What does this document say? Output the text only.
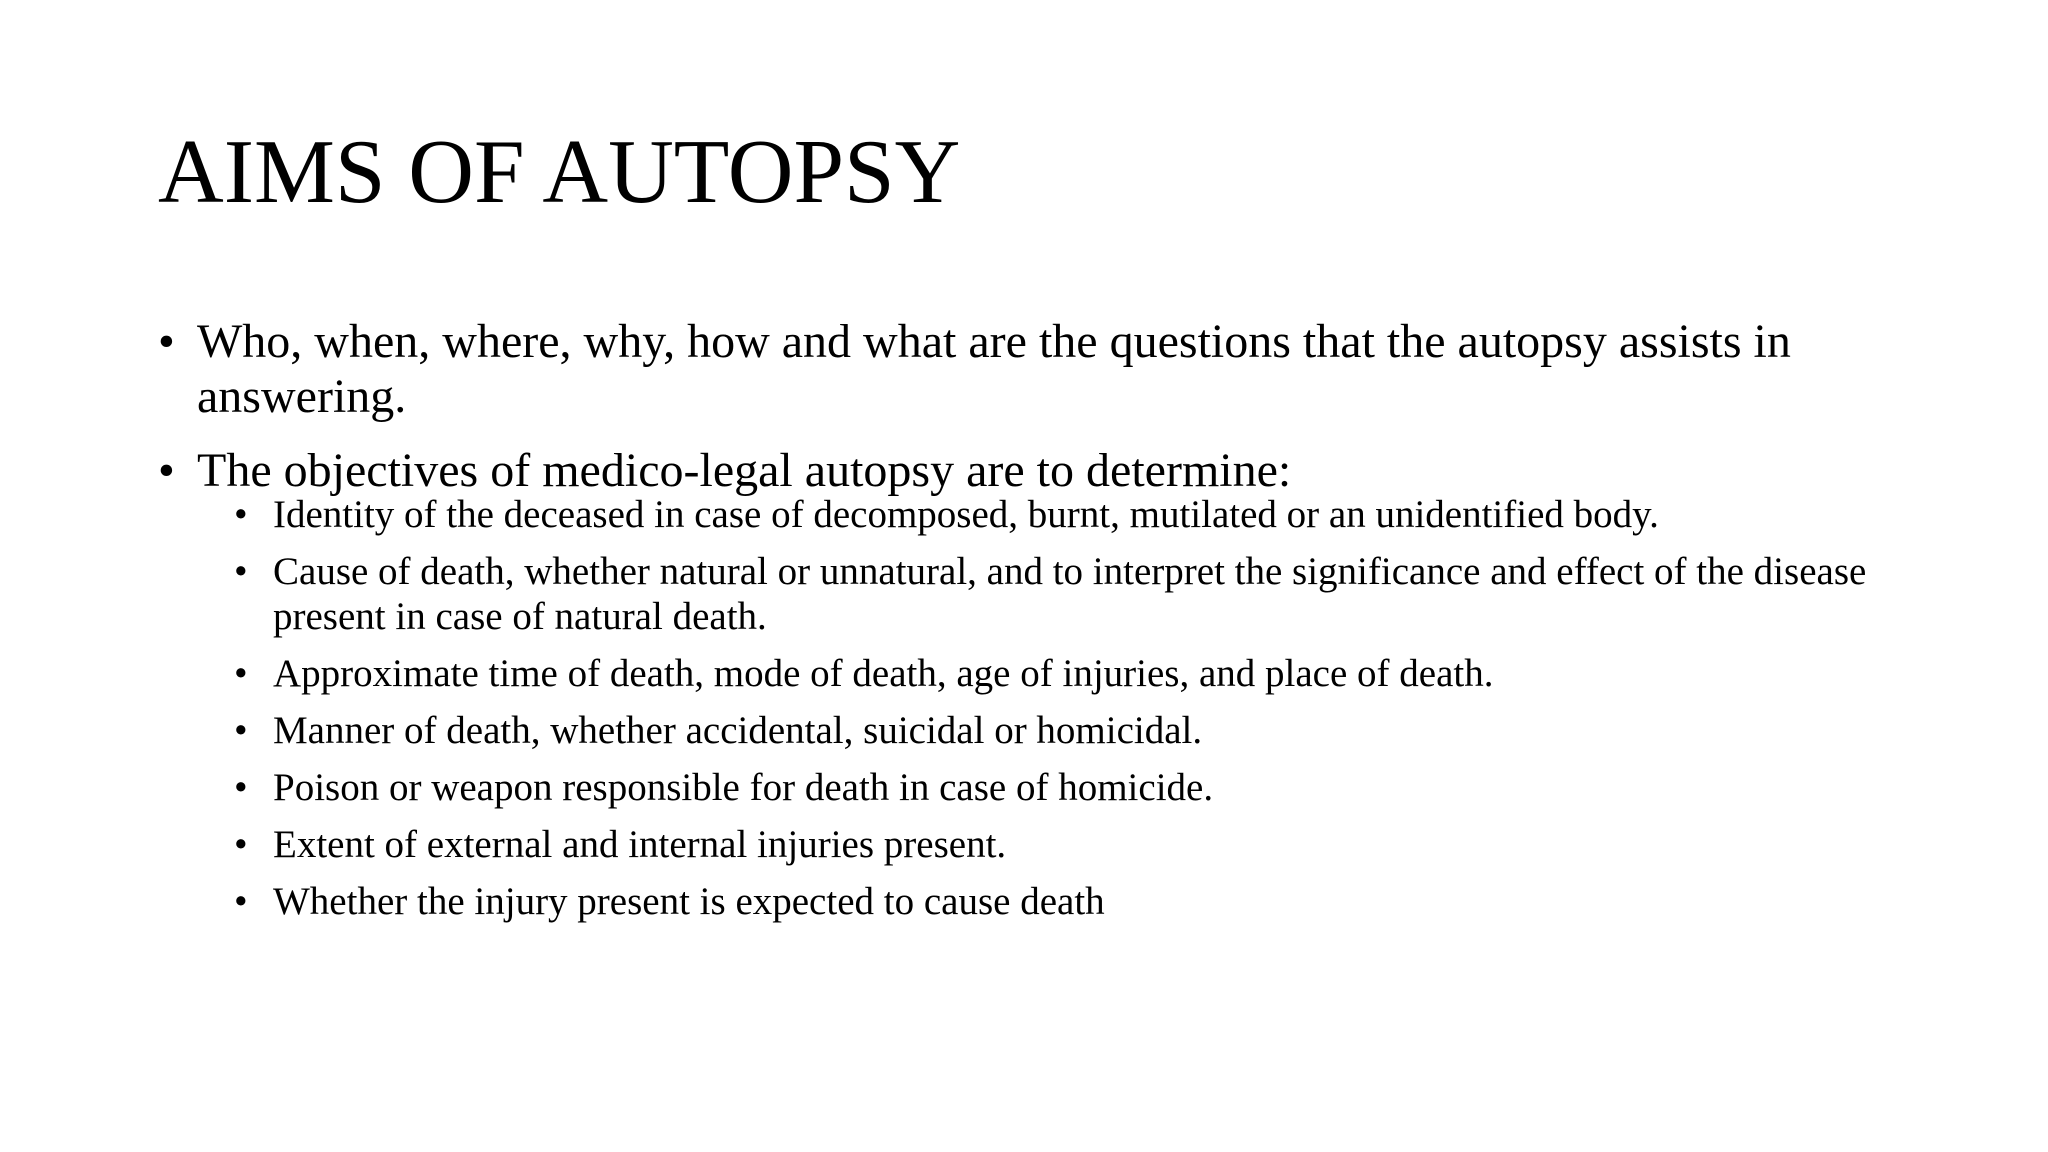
AIMS OF AUTOPSY
• Who, when, where, why, how and what are the questions that the autopsy assists in answering.
• The objectives of medico-legal autopsy are to determine:
• Identity of the deceased in case of decomposed, burnt, mutilated or an unidentified body.
• Cause of death, whether natural or unnatural, and to interpret the significance and effect of the disease present in case of natural death.
• Approximate time of death, mode of death, age of injuries, and place of death.
• Manner of death, whether accidental, suicidal or homicidal.
• Poison or weapon responsible for death in case of homicide.
• Extent of external and internal injuries present.
• Whether the injury present is expected to cause death
